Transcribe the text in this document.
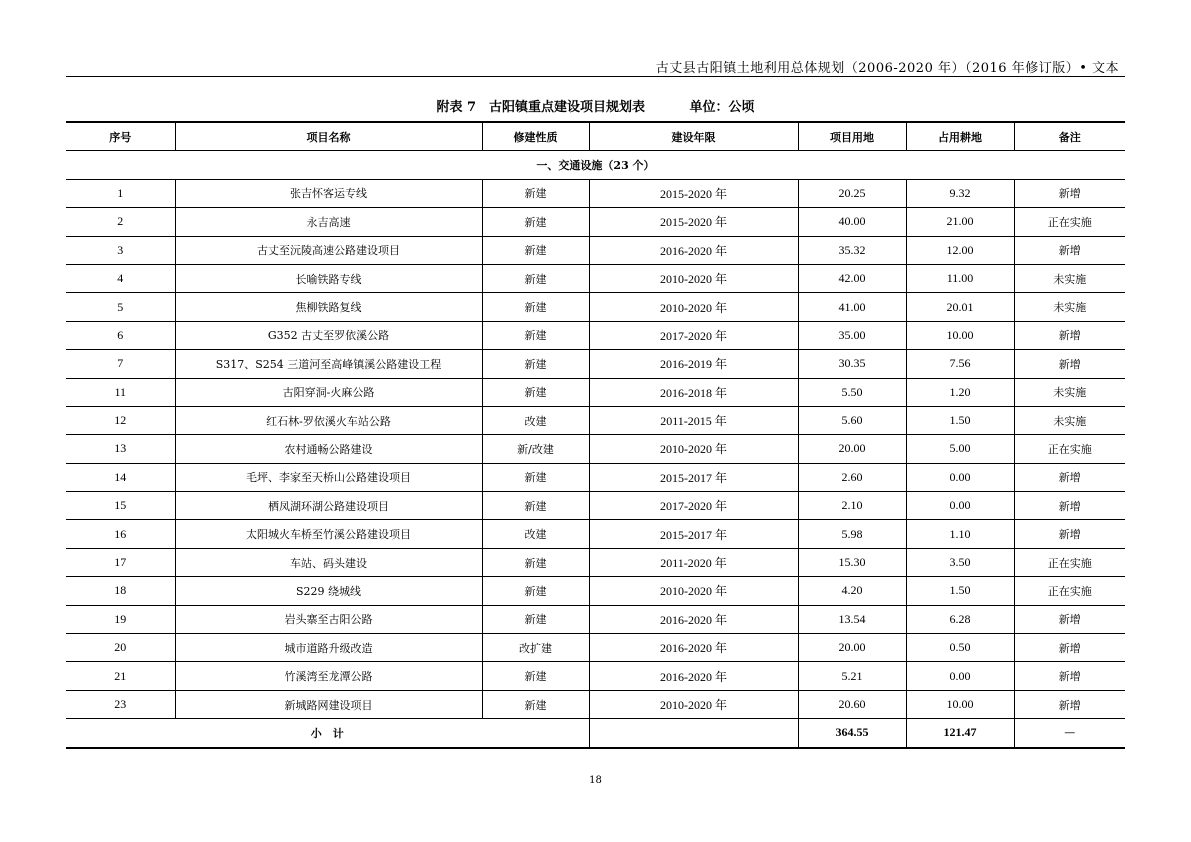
古丈县古阳镇土地利用总体规划（2006-2020 年）（2016 年修订版）• 文本
附表 7　古阳镇重点建设项目规划表	单位：公顷
序号	项目名称	修建性质	建设年限	项目用地	占用耕地	备注
一、交通设施（23 个）						
1	张吉怀客运专线	新建	2015-2020 年	20.25	9.32	新增
2	永吉高速	新建	2015-2020 年	40.00	21.00	正在实施
3	古丈至沅陵高速公路建设项目	新建	2016-2020 年	35.32	12.00	新增
4	长喻铁路专线	新建	2010-2020 年	42.00	11.00	未实施
5	焦柳铁路复线	新建	2010-2020 年	41.00	20.01	未实施
6	G352 古丈至罗依溪公路	新建	2017-2020 年	35.00	10.00	新增
7	S317、S254 三道河至高峰镇溪公路建设工程	新建	2016-2019 年	30.35	7.56	新增
11	古阳穿洞-火麻公路	新建	2016-2018 年	5.50	1.20	未实施
12	红石林-罗依溪火车站公路	改建	2011-2015 年	5.60	1.50	未实施
13	农村通畅公路建设	新/改建	2010-2020 年	20.00	5.00	正在实施
14	毛坪、李家至天桥山公路建设项目	新建	2015-2017 年	2.60	0.00	新增
15	栖凤湖环湖公路建设项目	新建	2017-2020 年	2.10	0.00	新增
16	太阳城火车桥至竹溪公路建设项目	改建	2015-2017 年	5.98	1.10	新增
17	车站、码头建设	新建	2011-2020 年	15.30	3.50	正在实施
18	S229 绕城线	新建	2010-2020 年	4.20	1.50	正在实施
19	岩头寨至古阳公路	新建	2016-2020 年	13.54	6.28	新增
20	城市道路升级改造	改扩建	2016-2020 年	20.00	0.50	新增
21	竹溪湾至龙潭公路	新建	2016-2020 年	5.21	0.00	新增
23	新城路网建设项目	新建	2010-2020 年	20.60	10.00	新增
小　计				364.55	121.47	—
18
